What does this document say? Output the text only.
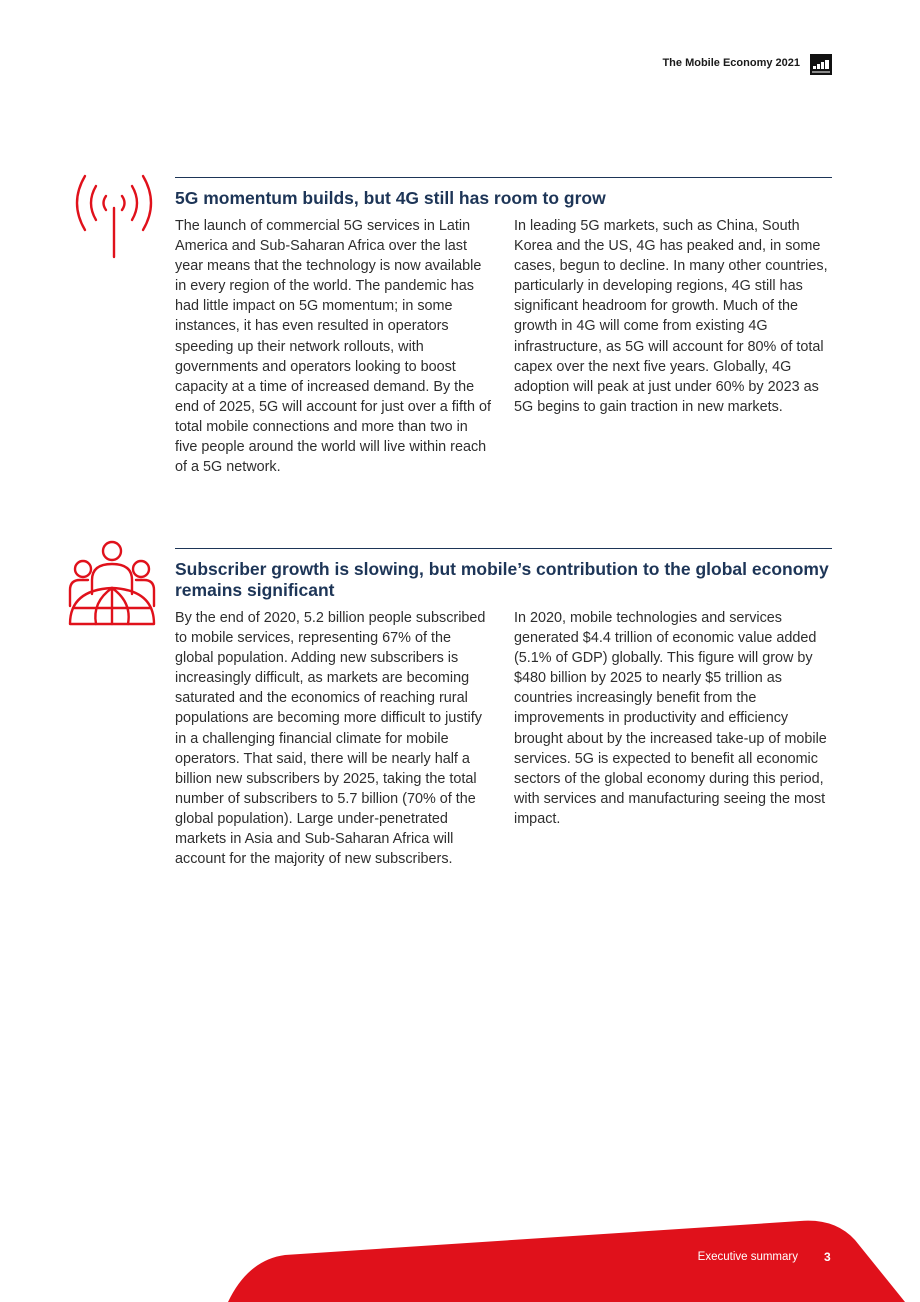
The Mobile Economy 2021
5G momentum builds, but 4G still has room to grow

The launch of commercial 5G services in Latin America and Sub-Saharan Africa over the last year means that the technology is now available in every region of the world. The pandemic has had little impact on 5G momentum; in some instances, it has even resulted in operators speeding up their network rollouts, with governments and operators looking to boost capacity at a time of increased demand. By the end of 2025, 5G will account for just over a fifth of total mobile connections and more than two in five people around the world will live within reach of a 5G network.

In leading 5G markets, such as China, South Korea and the US, 4G has peaked and, in some cases, begun to decline. In many other countries, particularly in developing regions, 4G still has significant headroom for growth. Much of the growth in 4G will come from existing 4G infrastructure, as 5G will account for 80% of total capex over the next five years. Globally, 4G adoption will peak at just under 60% by 2023 as 5G begins to gain traction in new markets.

Subscriber growth is slowing, but mobile’s contribution to the global economy remains significant

By the end of 2020, 5.2 billion people subscribed to mobile services, representing 67% of the global population. Adding new subscribers is increasingly difficult, as markets are becoming saturated and the economics of reaching rural populations are becoming more difficult to justify in a challenging financial climate for mobile operators. That said, there will be nearly half a billion new subscribers by 2025, taking the total number of subscribers to 5.7 billion (70% of the global population). Large under-penetrated markets in Asia and Sub-Saharan Africa will account for the majority of new subscribers.

In 2020, mobile technologies and services generated $4.4 trillion of economic value added (5.1% of GDP) globally. This figure will grow by $480 billion by 2025 to nearly $5 trillion as countries increasingly benefit from the improvements in productivity and efficiency brought about by the increased take-up of mobile services. 5G is expected to benefit all economic sectors of the global economy during this period, with services and manufacturing seeing the most impact.

Executive summary 3
